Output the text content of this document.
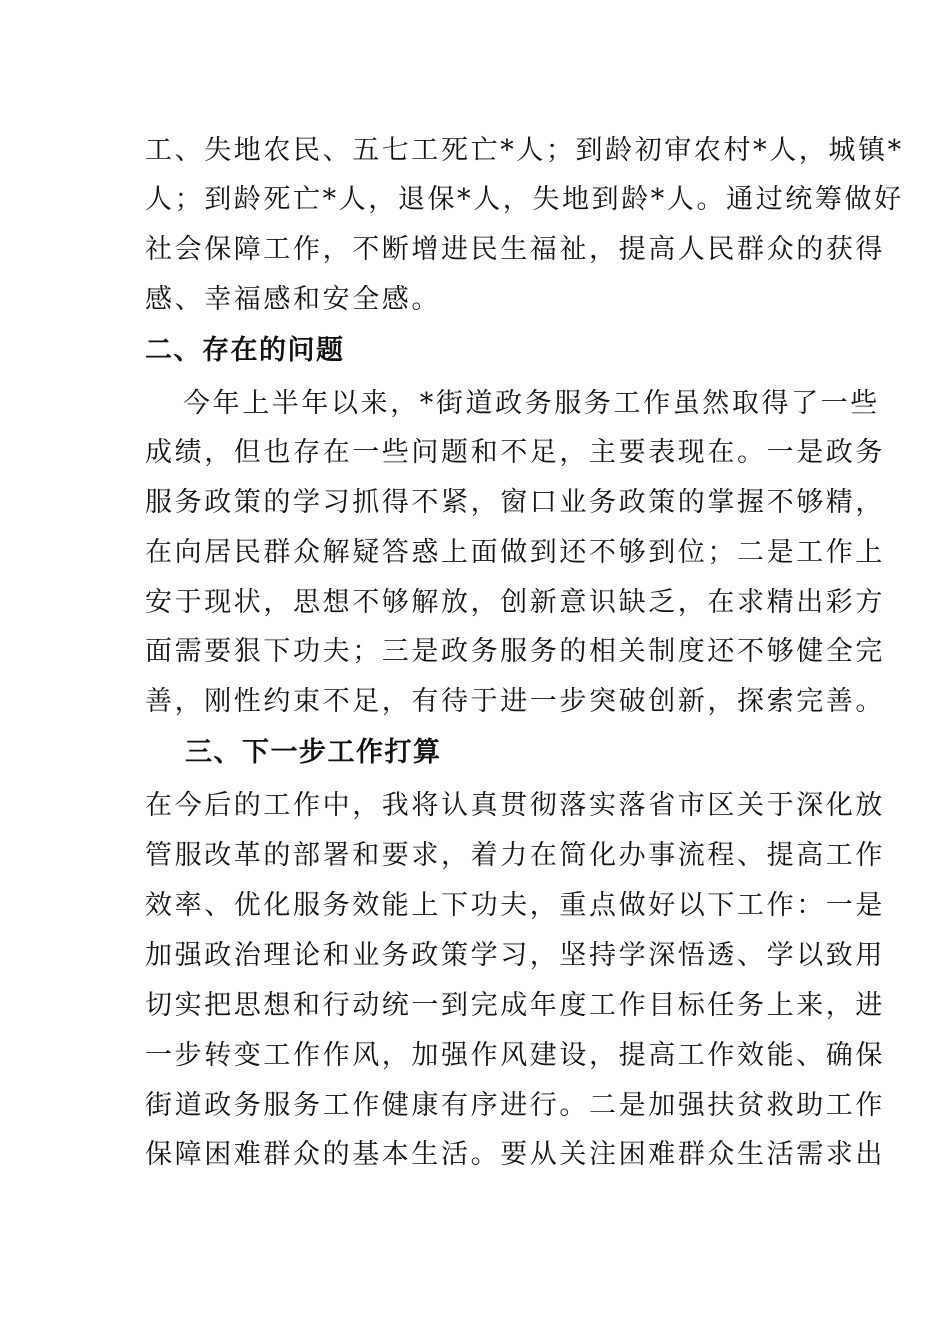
工、失地农民、五七工死亡*人；到龄初审农村*人，城镇*
人；到龄死亡*人，退保*人，失地到龄*人。通过统筹做好
社会保障工作，不断增进民生福祉，提高人民群众的获得
感、幸福感和安全感。
二、存在的问题
今年上半年以来，*街道政务服务工作虽然取得了一些
成绩，但也存在一些问题和不足，主要表现在。一是政务
服务政策的学习抓得不紧，窗口业务政策的掌握不够精，
在向居民群众解疑答惑上面做到还不够到位；二是工作上
安于现状，思想不够解放，创新意识缺乏，在求精出彩方
面需要狠下功夫；三是政务服务的相关制度还不够健全完
善，刚性约束不足，有待于进一步突破创新，探索完善。
三、下一步工作打算
在今后的工作中，我将认真贯彻落实落省市区关于深化放
管服改革的部署和要求，着力在简化办事流程、提高工作
效率、优化服务效能上下功夫，重点做好以下工作：一是
加强政治理论和业务政策学习，坚持学深悟透、学以致用
切实把思想和行动统一到完成年度工作目标任务上来，进
一步转变工作作风，加强作风建设，提高工作效能、确保
街道政务服务工作健康有序进行。二是加强扶贫救助工作
保障困难群众的基本生活。要从关注困难群众生活需求出
